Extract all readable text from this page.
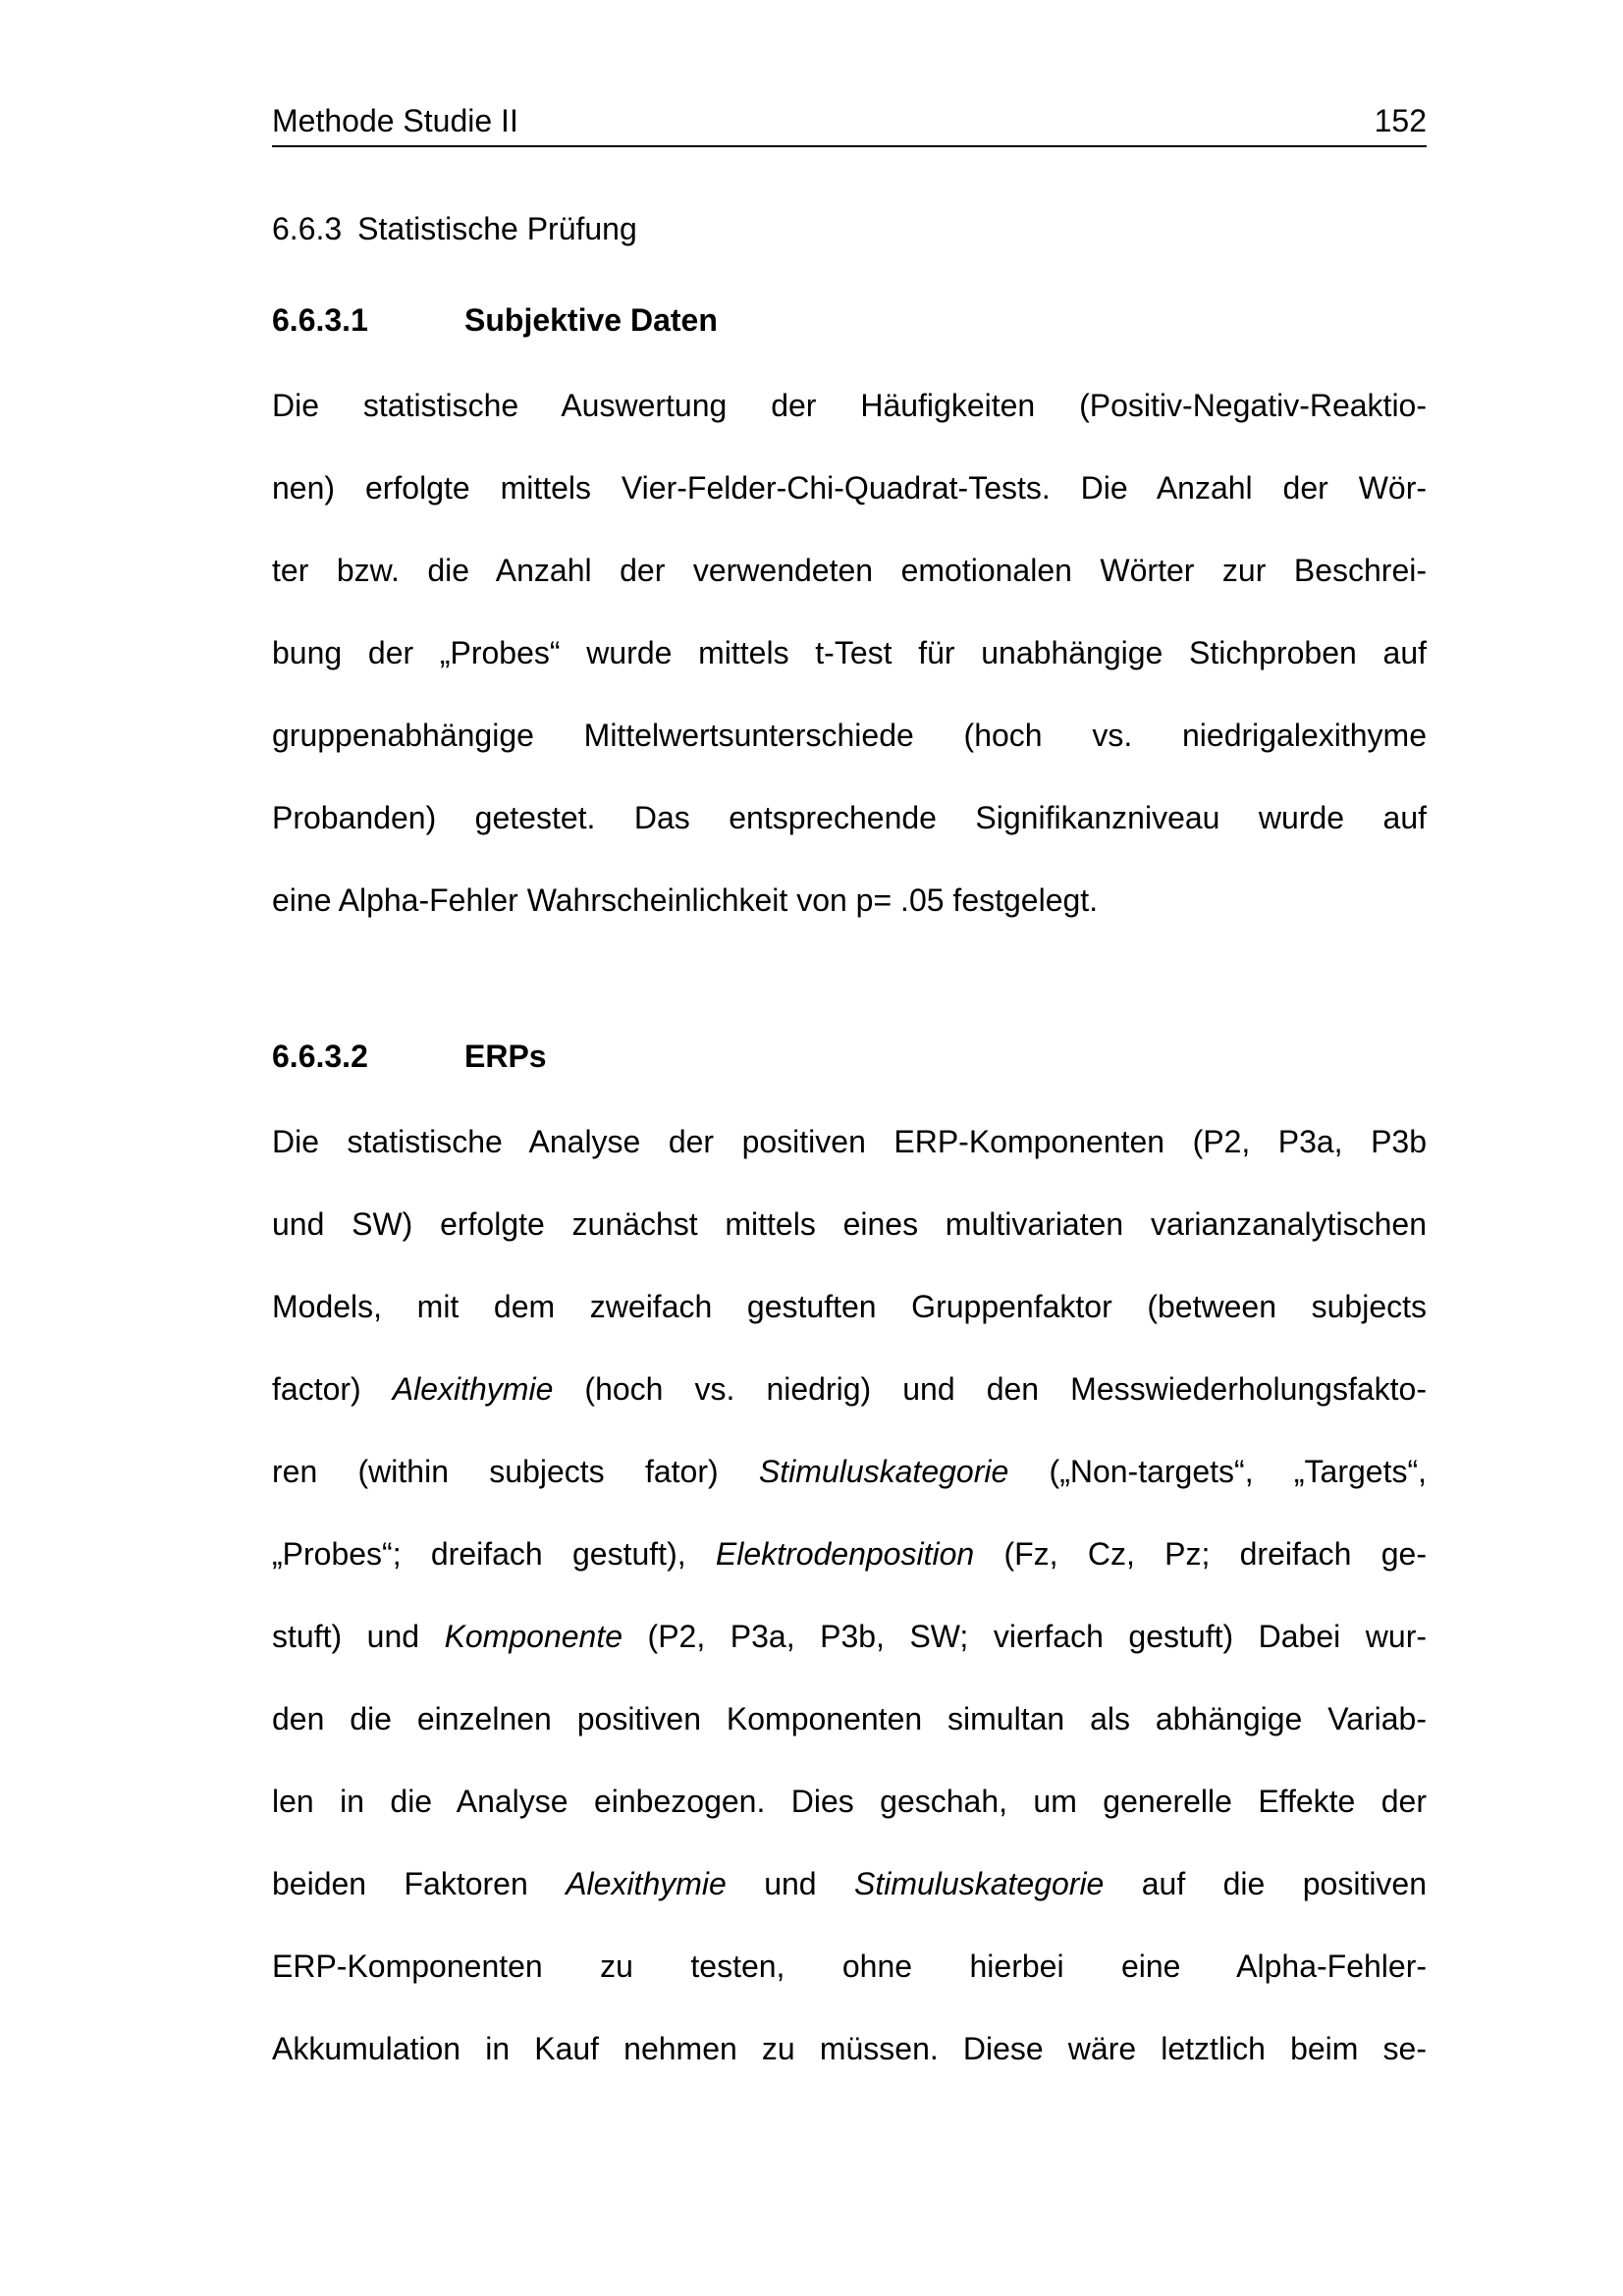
Methode Studie II	152
6.6.3 Statistische Prüfung
6.6.3.1	Subjektive Daten
Die statistische Auswertung der Häufigkeiten (Positiv-Negativ-Reaktio-
nen) erfolgte mittels Vier-Felder-Chi-Quadrat-Tests. Die Anzahl der Wör-
ter bzw. die Anzahl der verwendeten emotionalen Wörter zur Beschrei-
bung der „Probes“ wurde mittels t-Test für unabhängige Stichproben auf
gruppenabhängige Mittelwertsunterschiede (hoch vs. niedrigalexithyme
Probanden) getestet. Das entsprechende Signifikanzniveau wurde auf
eine Alpha-Fehler Wahrscheinlichkeit von p= .05 festgelegt.
6.6.3.2	ERPs
Die statistische Analyse der positiven ERP-Komponenten (P2, P3a, P3b
und SW) erfolgte zunächst mittels eines multivariaten varianzanalytischen
Models, mit dem zweifach gestuften Gruppenfaktor (between subjects
factor) Alexithymie (hoch vs. niedrig) und den Messwiederholungsfakto-
ren (within subjects fator) Stimuluskategorie („Non-targets“, „Targets“,
„Probes“; dreifach gestuft), Elektrodenposition (Fz, Cz, Pz; dreifach ge-
stuft) und Komponente (P2, P3a, P3b, SW; vierfach gestuft) Dabei wur-
den die einzelnen positiven Komponenten simultan als abhängige Variab-
len in die Analyse einbezogen. Dies geschah, um generelle Effekte der
beiden Faktoren Alexithymie und Stimuluskategorie auf die positiven
ERP-Komponenten zu testen, ohne hierbei eine Alpha-Fehler-
Akkumulation in Kauf nehmen zu müssen. Diese wäre letztlich beim se-
